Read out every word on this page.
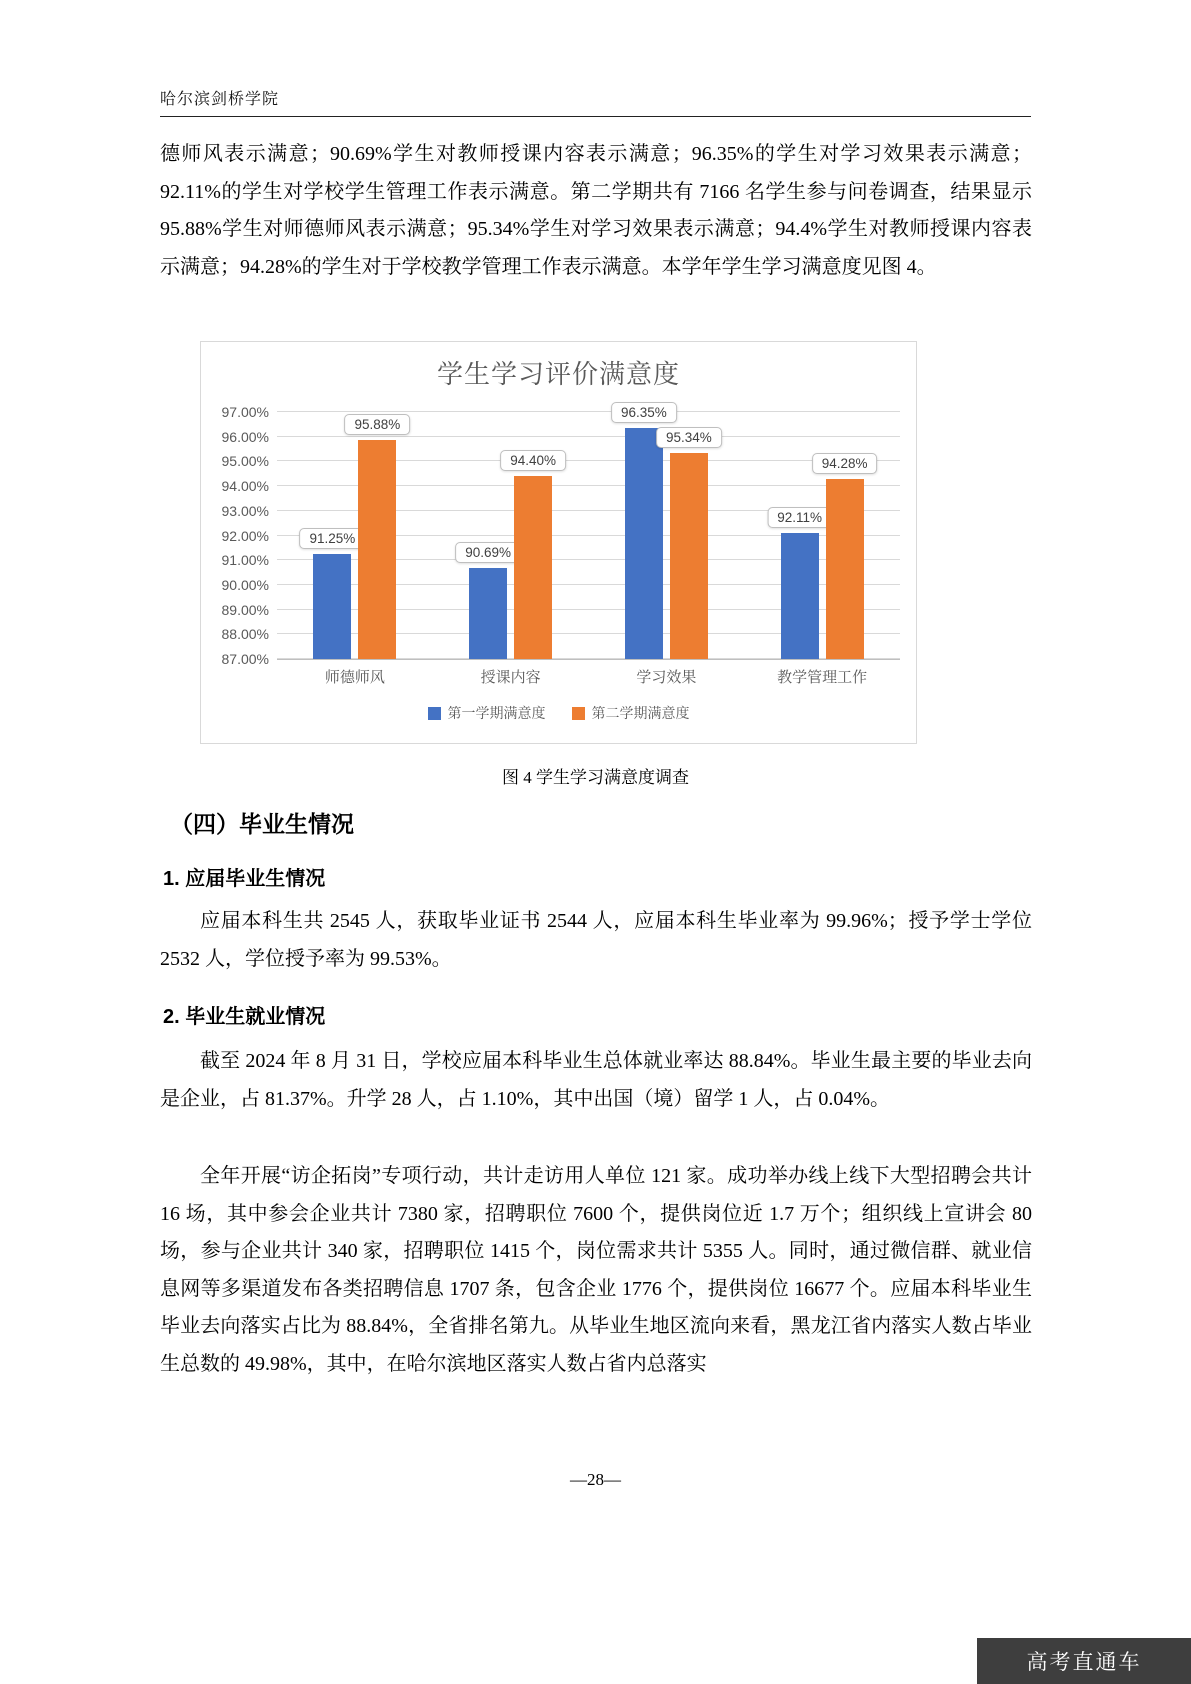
哈尔滨剑桥学院

德师风表示满意；90.69%学生对教师授课内容表示满意；96.35%的学生对学习效果表示满意；92.11%的学生对学校学生管理工作表示满意。第二学期共有 7166 名学生参与问卷调查，结果显示 95.88%学生对师德师风表示满意；95.34%学生对学习效果表示满意；94.4%学生对教师授课内容表示满意；94.28%的学生对于学校教学管理工作表示满意。本学年学生学习满意度见图 4。

学生学习评价满意度
87.00%
88.00%
89.00%
90.00%
91.00%
92.00%
93.00%
94.00%
95.00%
96.00%
97.00%
91.25%
95.88%
90.69%
94.40%
96.35%
95.34%
92.11%
94.28%
师德师风	授课内容	学习效果	教学管理工作
第一学期满意度	第二学期满意度
图 4 学生学习满意度调查
（四）毕业生情况
1. 应届毕业生情况

应届本科生共 2545 人，获取毕业证书 2544 人，应届本科生毕业率为 99.96%；授予学士学位 2532 人，学位授予率为 99.53%。

2. 毕业生就业情况

截至 2024 年 8 月 31 日，学校应届本科毕业生总体就业率达 88.84%。毕业生最主要的毕业去向是企业，占 81.37%。升学 28 人，占 1.10%，其中出国（境）留学 1 人，占 0.04%。

全年开展“访企拓岗”专项行动，共计走访用人单位 121 家。成功举办线上线下大型招聘会共计 16 场，其中参会企业共计 7380 家，招聘职位 7600 个，提供岗位近 1.7 万个；组织线上宣讲会 80 场，参与企业共计 340 家，招聘职位 1415 个，岗位需求共计 5355 人。同时，通过微信群、就业信息网等多渠道发布各类招聘信息 1707 条，包含企业 1776 个，提供岗位 16677 个。应届本科毕业生毕业去向落实占比为 88.84%，全省排名第九。从毕业生地区流向来看，黑龙江省内落实人数占毕业生总数的 49.98%，其中，在哈尔滨地区落实人数占省内总落实

—28—
高考直通车
